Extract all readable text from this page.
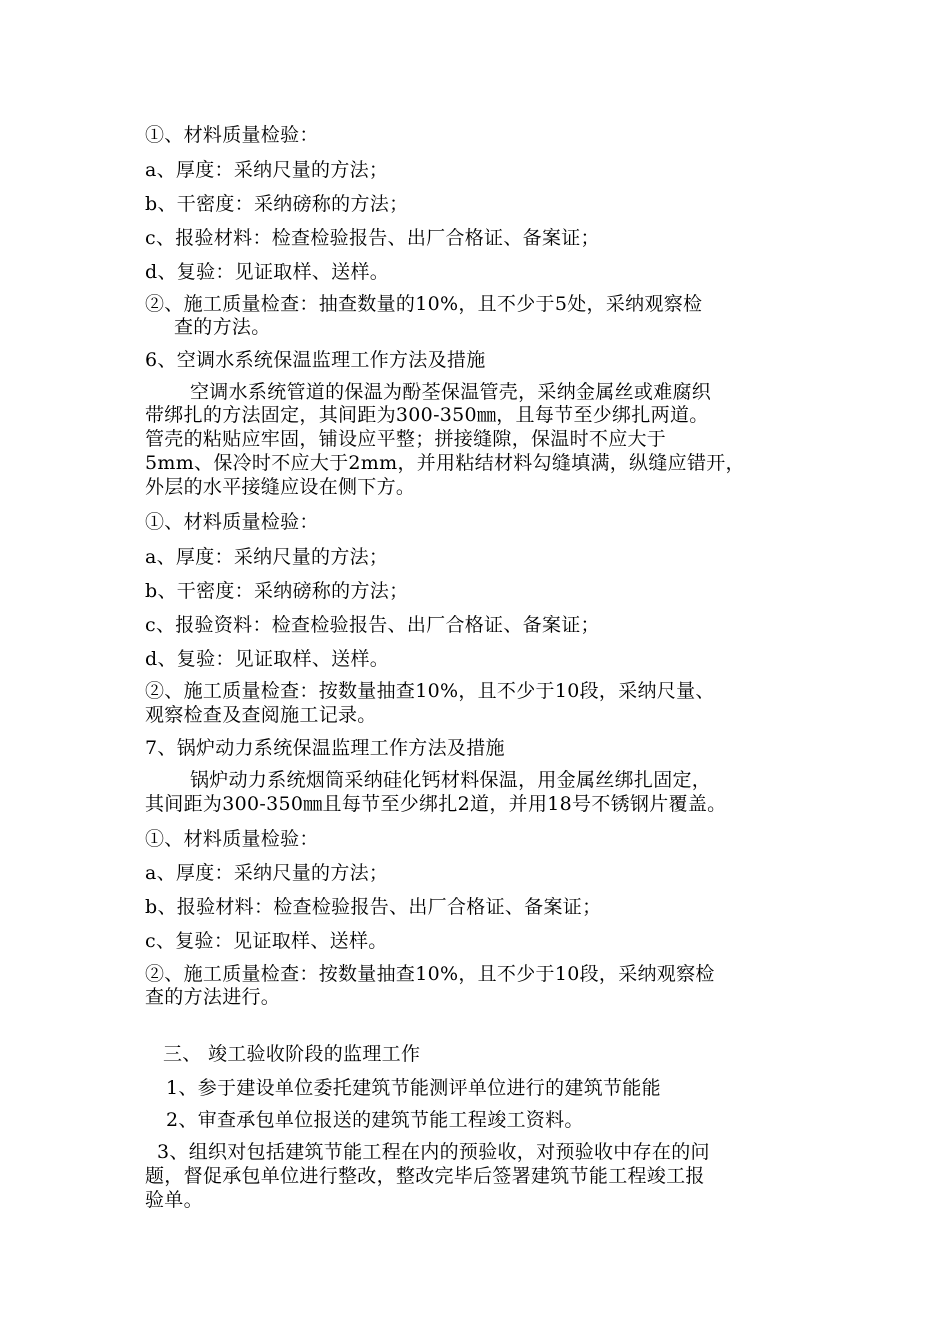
①、材料质量检验：
a、厚度：采纳尺量的方法；
b、干密度：采纳磅称的方法；
c、报验材料：检查检验报告、出厂合格证、备案证；
d、复验：见证取样、送样。
②、施工质量检查：抽查数量的10%，且不少于5处，采纳观察检
查的方法。
6、空调水系统保温监理工作方法及措施
空调水系统管道的保温为酚荃保温管壳，采纳金属丝或难腐织
带绑扎的方法固定，其间距为300-350㎜，且每节至少绑扎两道。
管壳的粘贴应牢固，铺设应平整；拼接缝隙，保温时不应大于
5mm、保冷时不应大于2mm，并用粘结材料勾缝填满，纵缝应错开，
外层的水平接缝应设在侧下方。
①、材料质量检验：
a、厚度：采纳尺量的方法；
b、干密度：采纳磅称的方法；
c、报验资料：检查检验报告、出厂合格证、备案证；
d、复验：见证取样、送样。
②、施工质量检查：按数量抽查10%，且不少于10段，采纳尺量、
观察检查及查阅施工记录。
7、锅炉动力系统保温监理工作方法及措施
锅炉动力系统烟筒采纳硅化钙材料保温，用金属丝绑扎固定，
其间距为300-350㎜且每节至少绑扎2道，并用18号不锈钢片覆盖。
①、材料质量检验：
a、厚度：采纳尺量的方法；
b、报验材料：检查检验报告、出厂合格证、备案证；
c、复验：见证取样、送样。
②、施工质量检查：按数量抽查10%，且不少于10段，采纳观察检
查的方法进行。
三、 竣工验收阶段的监理工作
1、参于建设单位委托建筑节能测评单位进行的建筑节能能
2、审查承包单位报送的建筑节能工程竣工资料。
3、组织对包括建筑节能工程在内的预验收，对预验收中存在的问
题，督促承包单位进行整改，整改完毕后签署建筑节能工程竣工报
验单。
